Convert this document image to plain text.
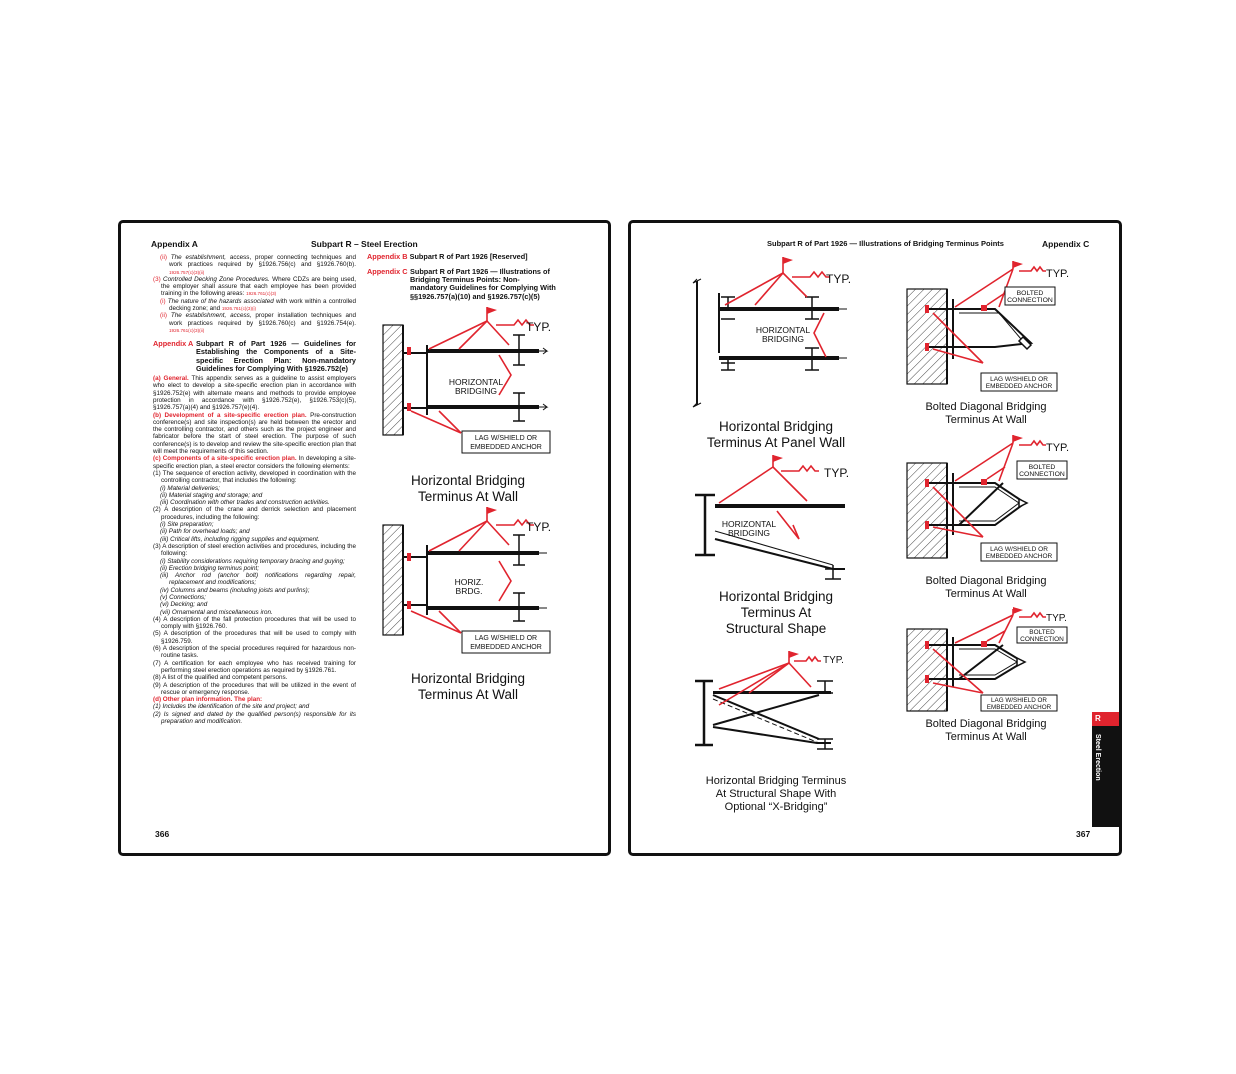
Appendix A	Subpart R – Steel Erection
(ii) The establishment, access, proper connecting techniques and work practices required by §1926.756(c) and §1926.760(b). 1926.757(c)(3)(ii)
(3) Controlled Decking Zone Procedures. Where CDZs are being used, the employer shall assure that each employee has been provided training in the following areas: 1926.761(c)(3)
(i) The nature of the hazards associated with work within a controlled decking zone; and 1926.761(c)(3)(i)
(ii) The establishment, access, proper installation techniques and work practices required by §1926.760(c) and §1926.754(e). 1926.761(c)(3)(ii)
Appendix A Subpart R of Part 1926 — Guidelines for Establishing the Components of a Site-specific Erection Plan: Non-mandatory Guidelines for Complying With §1926.752(e)
(a) General. This appendix serves as a guideline to assist employers who elect to develop a site-specific erection plan in accordance with §1926.752(e) with alternate means and methods to provide employee protection in accordance with §1926.752(e), §1926.753(c)(5), §1926.757(a)(4) and §1926.757(e)(4).
(b) Development of a site-specific erection plan. Pre-construction conference(s) and site inspection(s) are held between the erector and the controlling contractor, and others such as the project engineer and fabricator before the start of steel erection. The purpose of such conference(s) is to develop and review the site-specific erection plan that will meet the requirements of this section.
(c) Components of a site-specific erection plan. In developing a site-specific erection plan, a steel erector considers the following elements:
(1) The sequence of erection activity, developed in coordination with the controlling contractor, that includes the following:
(i) Material deliveries;
(ii) Material staging and storage; and
(iii) Coordination with other trades and construction activities.
(2) A description of the crane and derrick selection and placement procedures, including the following:
(i) Site preparation;
(ii) Path for overhead loads; and
(iii) Critical lifts, including rigging supplies and equipment.
(3) A description of steel erection activities and procedures, including the following:
(i) Stability considerations requiring temporary bracing and guying;
(ii) Erection bridging terminus point;
(iii) Anchor rod (anchor bolt) notifications regarding repair, replacement and modifications;
(iv) Columns and beams (including joists and purlins);
(v) Connections;
(vi) Decking; and
(vii) Ornamental and miscellaneous iron.
(4) A description of the fall protection procedures that will be used to comply with §1926.760.
(5) A description of the procedures that will be used to comply with §1926.759.
(6) A description of the special procedures required for hazardous non-routine tasks.
(7) A certification for each employee who has received training for performing steel erection operations as required by §1926.761.
(8) A list of the qualified and competent persons.
(9) A description of the procedures that will be utilized in the event of rescue or emergency response.
(d) Other plan information. The plan:
(1) Includes the identification of the site and project; and
(2) Is signed and dated by the qualified person(s) responsible for its preparation and modification.
Appendix B Subpart R of Part 1926 [Reserved]
Appendix C Subpart R of Part 1926 — Illustrations of Bridging Terminus Points: Non-mandatory Guidelines for Complying With §§1926.757(a)(10) and §1926.757(c)(5)
TYP.
HORIZONTAL
BRIDGING
LAG W/SHIELD OR
EMBEDDED ANCHOR
Horizontal Bridging
Terminus At Wall
TYP.
HORIZ.
BRDG.
LAG W/SHIELD OR
EMBEDDED ANCHOR
Horizontal Bridging
Terminus At Wall
366
Subpart R of Part 1926 — Illustrations of Bridging Terminus Points	Appendix C
TYP.
HORIZONTAL
BRIDGING
Horizontal Bridging
Terminus At Panel Wall
TYP.
HORIZONTAL
BRIDGING
Horizontal Bridging
Terminus At
Structural Shape
TYP.
Horizontal Bridging Terminus
At Structural Shape With
Optional “X-Bridging”
TYP.
BOLTED
CONNECTION
LAG W/SHIELD OR
EMBEDDED ANCHOR
Bolted Diagonal Bridging
Terminus At Wall
TYP.
BOLTED
CONNECTION
LAG W/SHIELD OR
EMBEDDED ANCHOR
Bolted Diagonal Bridging
Terminus At Wall
TYP.
BOLTED
CONNECTION
LAG W/SHIELD OR
EMBEDDED ANCHOR
Bolted Diagonal Bridging
Terminus At Wall
R
Steel Erection
367
